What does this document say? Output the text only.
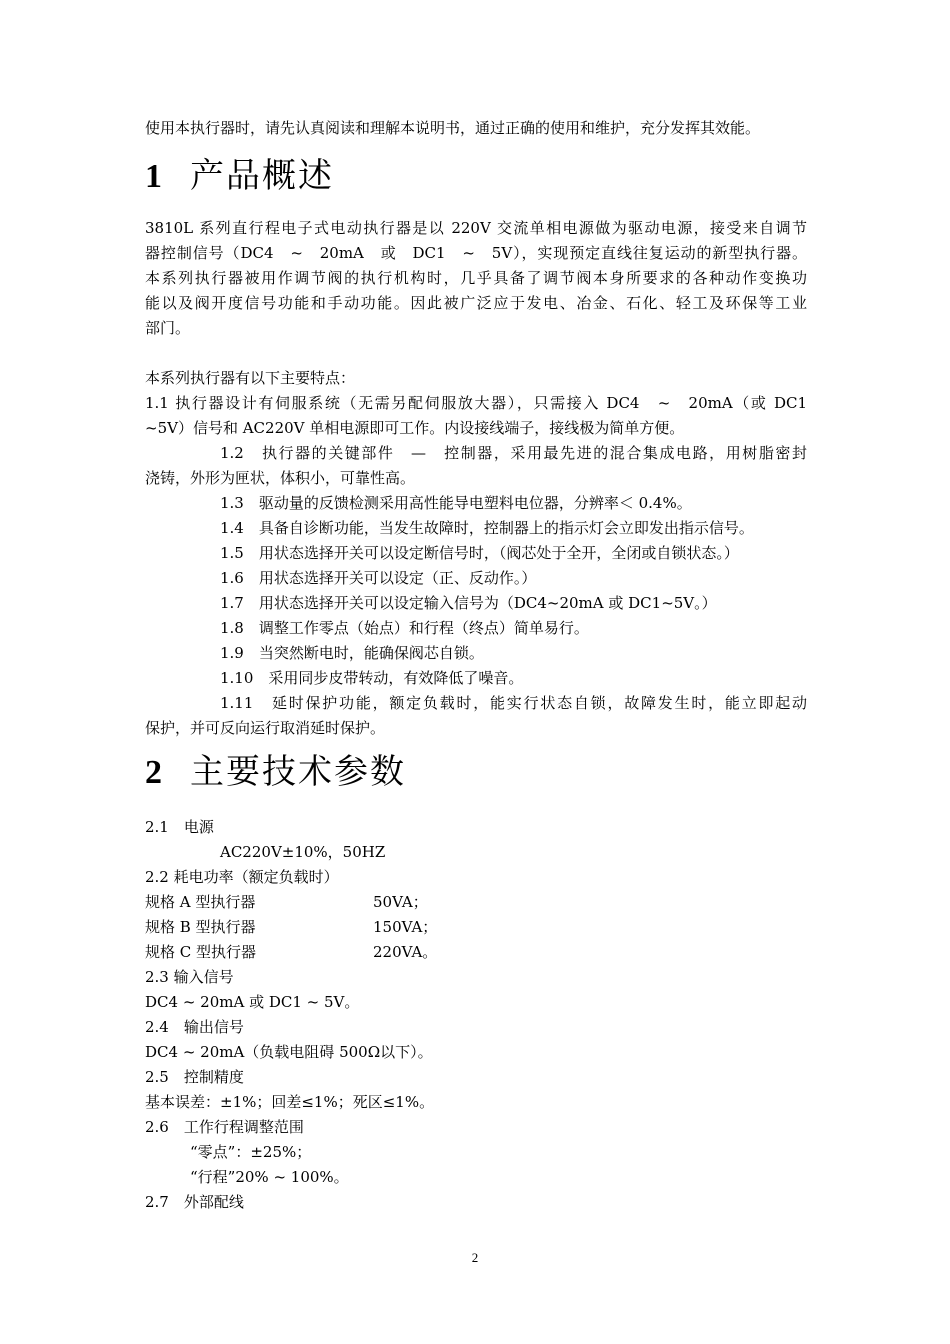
使用本执行器时，请先认真阅读和理解本说明书，通过正确的使用和维护，充分发挥其效能。
1 产品概述
3810L 系列直行程电子式电动执行器是以 220V 交流单相电源做为驱动电源，接受来自调节
器控制信号（DC4　~　20mA　或　DC1　~　5V），实现预定直线往复运动的新型执行器。
本系列执行器被用作调节阀的执行机构时，几乎具备了调节阀本身所要求的各种动作变换功
能以及阀开度信号功能和手动功能。因此被广泛应于发电、冶金、石化、轻工及环保等工业
部门。
本系列执行器有以下主要特点：
1.1 执行器设计有伺服系统（无需另配伺服放大器），只需接入 DC4　~　20mA（或 DC1
~5V）信号和 AC220V 单相电源即可工作。内设接线端子，接线极为简单方便。
1.2　执行器的关键部件　—　控制器，采用最先进的混合集成电路，用树脂密封
浇铸，外形为匣状，体积小，可靠性高。
1.3　驱动量的反馈检测采用高性能导电塑料电位器，分辨率＜ 0.4%。
1.4　具备自诊断功能，当发生故障时，控制器上的指示灯会立即发出指示信号。
1.5　用状态选择开关可以设定断信号时，（阀芯处于全开，全闭或自锁状态。）
1.6　用状态选择开关可以设定（正、反动作。）
1.7　用状态选择开关可以设定输入信号为（DC4~20mA 或 DC1~5V。）
1.8　调整工作零点（始点）和行程（终点）简单易行。
1.9　当突然断电时，能确保阀芯自锁。
1.10　采用同步皮带转动，有效降低了噪音。
1.11　延时保护功能，额定负载时，能实行状态自锁，故障发生时，能立即起动
保护，并可反向运行取消延时保护。
2 主要技术参数
2.1　电源
AC220V±10%，50HZ
2.2 耗电功率（额定负载时）
规格 A 型执行器	50VA；
规格 B 型执行器	150VA；
规格 C 型执行器	220VA。
2.3 输入信号
DC4 ~ 20mA 或 DC1 ~ 5V。
2.4　输出信号
DC4 ~ 20mA（负载电阻碍 500Ω以下）。
2.5　控制精度
基本误差：±1%；回差≤1%；死区≤1%。
2.6　工作行程调整范围
“零点”：±25%；
“行程”20% ~ 100%。
2.7　外部配线
2
